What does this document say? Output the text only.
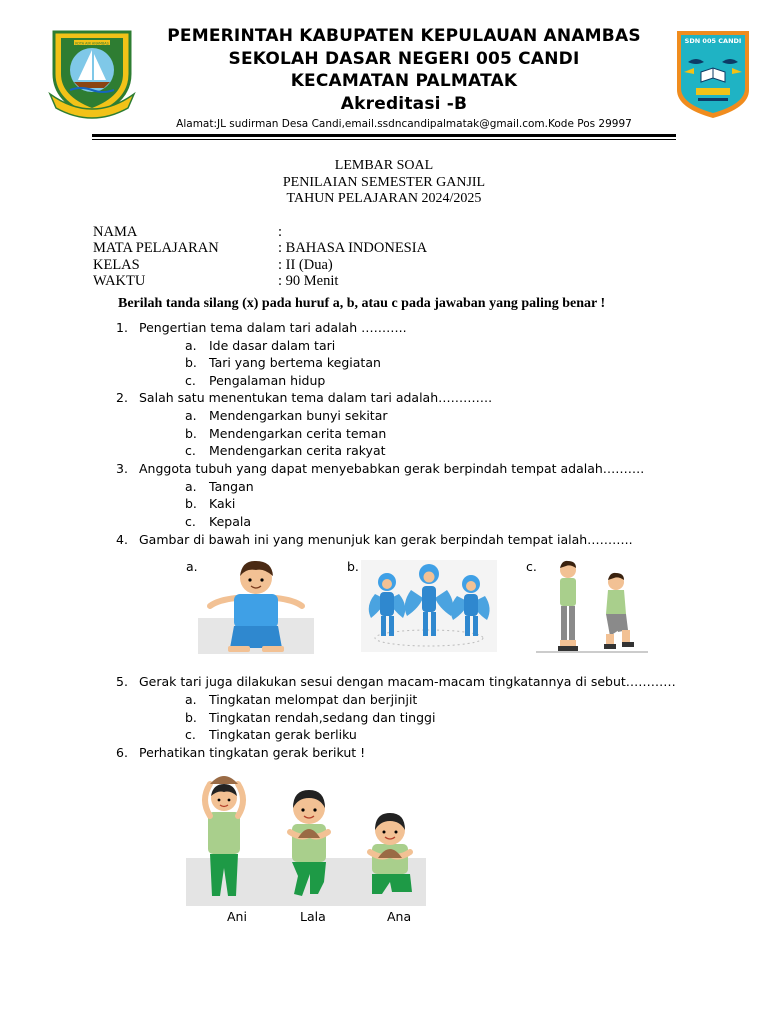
KOTA AIR ANAMBAS	SDN 005 CANDI
PEMERINTAH KABUPATEN KEPULAUAN ANAMBAS
SEKOLAH DASAR NEGERI 005 CANDI
KECAMATAN PALMATAK
Akreditasi -B
Alamat:JL sudirman Desa Candi,email.ssdncandipalmatak@gmail.com.Kode Pos 29997
LEMBAR SOAL
PENILAIAN SEMESTER GANJIL
TAHUN PELAJARAN 2024/2025
NAMA	:
MATA PELAJARAN	: BAHASA INDONESIA
KELAS	: II (Dua)
WAKTU	: 90 Menit
Berilah tanda silang (x) pada huruf a, b, atau c pada jawaban yang paling benar !
1. Pengertian tema dalam tari adalah ………..
a. Ide dasar dalam tari
b. Tari yang bertema kegiatan
c. Pengalaman hidup
2. Salah satu menentukan tema dalam tari adalah………….
a. Mendengarkan bunyi sekitar
b. Mendengarkan cerita teman
c. Mendengarkan cerita rakyat
3. Anggota tubuh yang dapat menyebabkan gerak berpindah tempat adalah……….
a. Tangan
b. Kaki
c. Kepala
4. Gambar di bawah ini yang menunjuk kan gerak berpindah tempat ialah………..
a.	b.	c.
5. Gerak tari juga dilakukan sesui dengan macam-macam tingkatannya di sebut…………
a. Tingkatan melompat dan berjinjit
b. Tingkatan rendah,sedang dan tinggi
c. Tingkatan gerak berliku
6. Perhatikan tingkatan gerak berikut !
Ani	Lala	Ana
